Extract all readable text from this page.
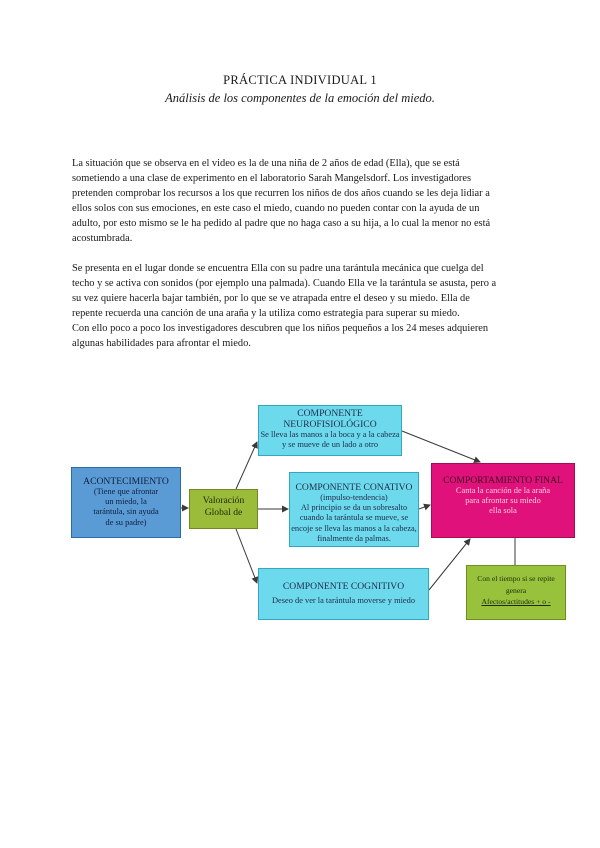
PRÁCTICA INDIVIDUAL 1
Análisis de los componentes de la emoción del miedo.
La situación que se observa en el video es la de una niña de 2 años de edad (Ella), que se está
sometiendo a una clase de experimento en el laboratorio Sarah Mangelsdorf. Los investigadores
pretenden comprobar los recursos a los que recurren los niños de dos años cuando se les deja lidiar a
ellos solos con sus emociones, en este caso el miedo, cuando no pueden contar con la ayuda de un
adulto, por esto mismo se le ha pedido al padre que no haga caso a su hija, a lo cual la menor no está
acostumbrada.
Se presenta en el lugar donde se encuentra Ella con su padre una tarántula mecánica que cuelga del
techo y se activa con sonidos (por ejemplo una palmada). Cuando Ella ve la tarántula se asusta, pero a
su vez quiere hacerla bajar también, por lo que se ve atrapada entre el deseo y su miedo. Ella de
repente recuerda una canción de una araña y la utiliza como estrategia para superar su miedo.
Con ello poco a poco los investigadores descubren que los niños pequeños a los 24 meses adquieren
algunas habilidades para afrontar el miedo.
ACONTECIMIENTO
(Tiene que afrontar
un miedo, la
tarántula, sin ayuda
de su padre)
Valoración
Global de
COMPONENTE
NEUROFISIOLÓGICO
Se lleva las manos a la boca y a la cabeza
y se mueve de un lado a otro
COMPONENTE CONATIVO
(impulso-tendencia)
Al principio se da un sobresalto
cuando la tarántula se mueve, se
encoje se lleva las manos a la cabeza,
finalmente da palmas.
COMPONENTE COGNITIVO
Deseo de ver la tarántula moverse y miedo
COMPORTAMIENTO FINAL
Canta la canción de la araña
para afrontar su miedo
ella sola
Con el tiempo si se repite
genera
Afectos/actitudes + o -
